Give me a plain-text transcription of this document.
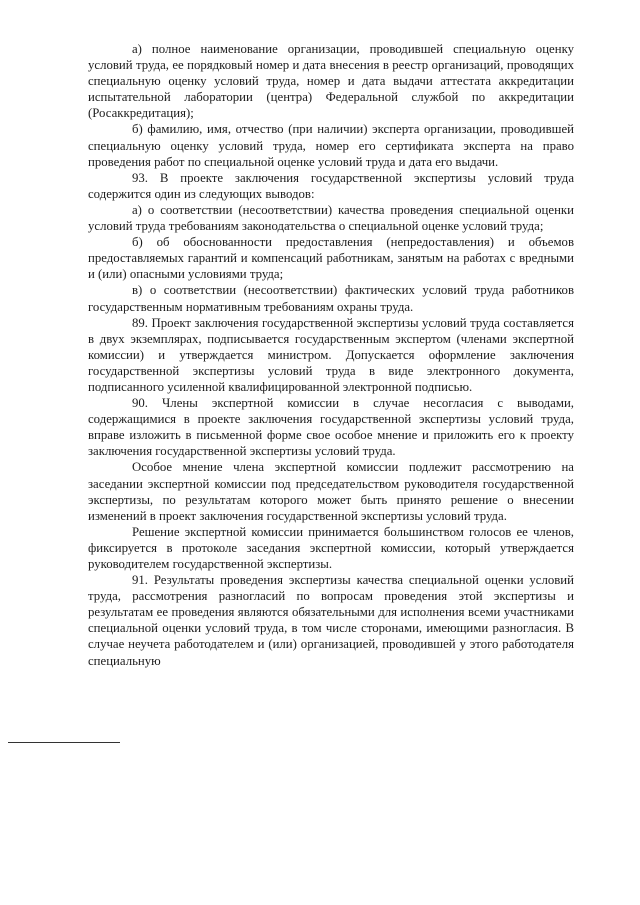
а) полное наименование организации, проводившей специальную оценку условий труда, ее порядковый номер и дата внесения в реестр организаций, проводящих специальную оценку условий труда, номер и дата выдачи аттестата аккредитации испытательной лаборатории (центра) Федеральной службой по аккредитации (Росаккредитация);

б) фамилию, имя, отчество (при наличии) эксперта организации, проводившей специальную оценку условий труда, номер его сертификата эксперта на право проведения работ по специальной оценке условий труда и дата его выдачи.

93. В проекте заключения государственной экспертизы условий труда содержится один из следующих выводов:

а) о соответствии (несоответствии) качества проведения специальной оценки условий труда требованиям законодательства о специальной оценке условий труда;

б) об обоснованности предоставления (непредоставления) и объемов предоставляемых гарантий и компенсаций работникам, занятым на работах с вредными и (или) опасными условиями труда;

в) о соответствии (несоответствии) фактических условий труда работников государственным нормативным требованиям охраны труда.

89. Проект заключения государственной экспертизы условий труда составляется в двух экземплярах, подписывается государственным экспертом (членами экспертной комиссии) и утверждается министром. Допускается оформление заключения государственной экспертизы условий труда в виде электронного документа, подписанного усиленной квалифицированной электронной подписью.

90. Члены экспертной комиссии в случае несогласия с выводами, содержащимися в проекте заключения государственной экспертизы условий труда, вправе изложить в письменной форме свое особое мнение и приложить его к проекту заключения государственной экспертизы условий труда.

Особое мнение члена экспертной комиссии подлежит рассмотрению на заседании экспертной комиссии под председательством руководителя государственной экспертизы, по результатам которого может быть принято решение о внесении изменений в проект заключения государственной экспертизы условий труда.

Решение экспертной комиссии принимается большинством голосов ее членов, фиксируется в протоколе заседания экспертной комиссии, который утверждается руководителем государственной экспертизы.

91. Результаты проведения экспертизы качества специальной оценки условий труда, рассмотрения разногласий по вопросам проведения этой экспертизы и результатам ее проведения являются обязательными для исполнения всеми участниками специальной оценки условий труда, в том числе сторонами, имеющими разногласия. В случае неучета работодателем и (или) организацией, проводившей у этого работодателя специальную
